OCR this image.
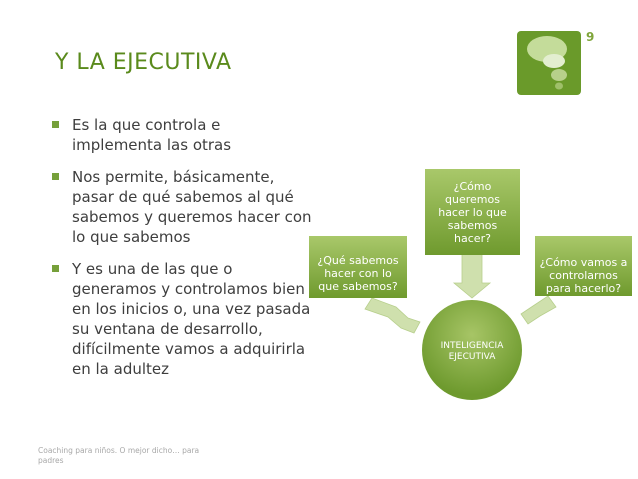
Y LA EJECUTIVA
9
Es la que controla e implementa las otras
Nos permite, básicamente, pasar de qué sabemos al qué sabemos y queremos hacer con lo que sabemos
Y es una de las que o generamos y controlamos bien en los inicios o, una vez pasada su ventana de desarrollo, difícilmente vamos a adquirirla en la adultez
¿Qué sabemos hacer con lo que sabemos?
¿Cómo queremos hacer lo que sabemos hacer?
¿Cómo vamos a controlarnos para hacerlo?
INTELIGENCIA EJECUTIVA
Coaching para niños. O mejor dicho… para padres
